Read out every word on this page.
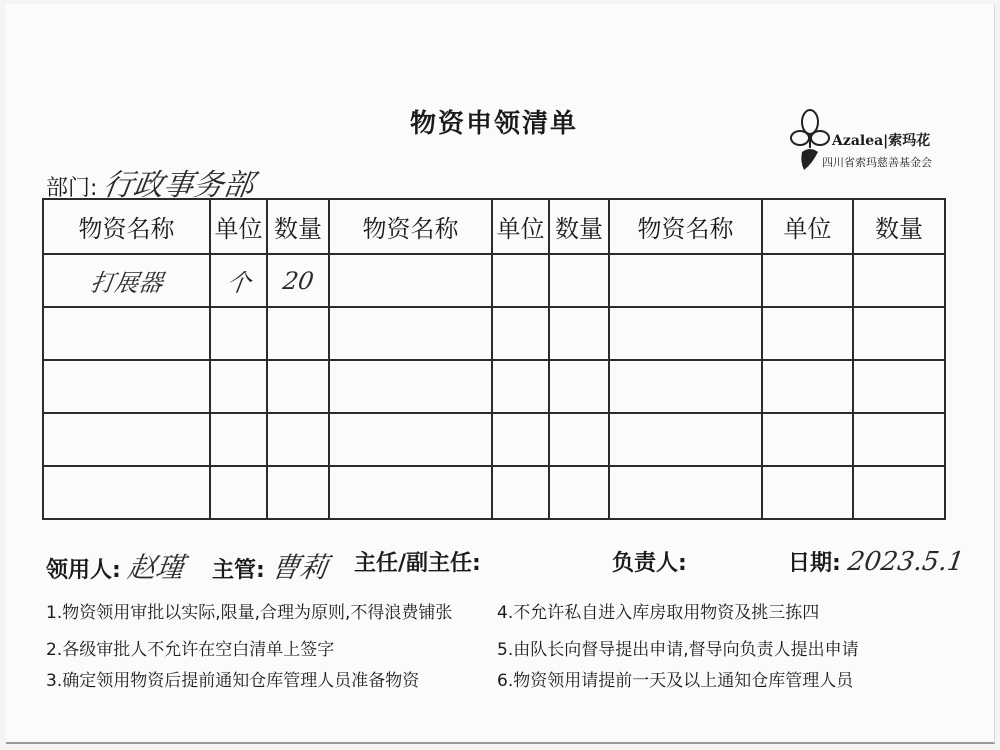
物资申领清单
Azalea|索玛花
四川省索玛慈善基金会
部门: 行政事务部
物资名称	单位	数量	物资名称	单位	数量	物资名称	单位	数量
打展器	个	20						

领用人: 赵瑾 主管: 曹莉 主任/副主任:	负责人:	日期: 2023.5.1
1.物资领用审批以实际,限量,合理为原则,不得浪费铺张
2.各级审批人不允许在空白清单上签字
3.确定领用物资后提前通知仓库管理人员准备物资
4.不允许私自进入库房取用物资及挑三拣四
5.由队长向督导提出申请,督导向负责人提出申请
6.物资领用请提前一天及以上通知仓库管理人员
